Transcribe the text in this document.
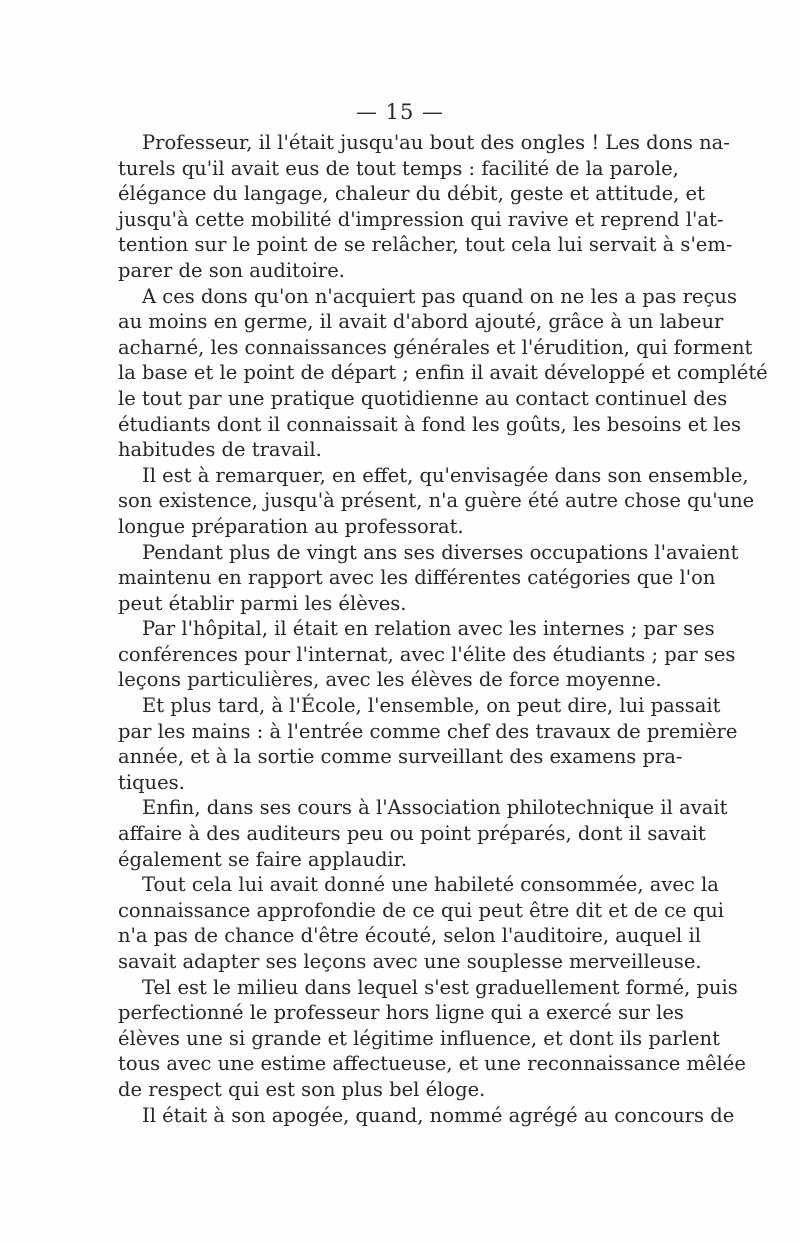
— 15 —

Professeur, il l'était jusqu'au bout des ongles ! Les dons na-
turels qu'il avait eus de tout temps : facilité de la parole,
élégance du langage, chaleur du débit, geste et attitude, et
jusqu'à cette mobilité d'impression qui ravive et reprend l'at-
tention sur le point de se relâcher, tout cela lui servait à s'em-
parer de son auditoire.

A ces dons qu'on n'acquiert pas quand on ne les a pas reçus
au moins en germe, il avait d'abord ajouté, grâce à un labeur
acharné, les connaissances générales et l'érudition, qui forment
la base et le point de départ ; enfin il avait développé et complété
le tout par une pratique quotidienne au contact continuel des
étudiants dont il connaissait à fond les goûts, les besoins et les
habitudes de travail.

Il est à remarquer, en effet, qu'envisagée dans son ensemble,
son existence, jusqu'à présent, n'a guère été autre chose qu'une
longue préparation au professorat.

Pendant plus de vingt ans ses diverses occupations l'avaient
maintenu en rapport avec les différentes catégories que l'on
peut établir parmi les élèves.

Par l'hôpital, il était en relation avec les internes ; par ses
conférences pour l'internat, avec l'élite des étudiants ; par ses
leçons particulières, avec les élèves de force moyenne.

Et plus tard, à l'École, l'ensemble, on peut dire, lui passait
par les mains : à l'entrée comme chef des travaux de première
année, et à la sortie comme surveillant des examens pra-
tiques.

Enfin, dans ses cours à l'Association philotechnique il avait
affaire à des auditeurs peu ou point préparés, dont il savait
également se faire applaudir.

Tout cela lui avait donné une habileté consommée, avec la
connaissance approfondie de ce qui peut être dit et de ce qui
n'a pas de chance d'être écouté, selon l'auditoire, auquel il
savait adapter ses leçons avec une souplesse merveilleuse.

Tel est le milieu dans lequel s'est graduellement formé, puis
perfectionné le professeur hors ligne qui a exercé sur les
élèves une si grande et légitime influence, et dont ils parlent
tous avec une estime affectueuse, et une reconnaissance mêlée
de respect qui est son plus bel éloge.

Il était à son apogée, quand, nommé agrégé au concours de
